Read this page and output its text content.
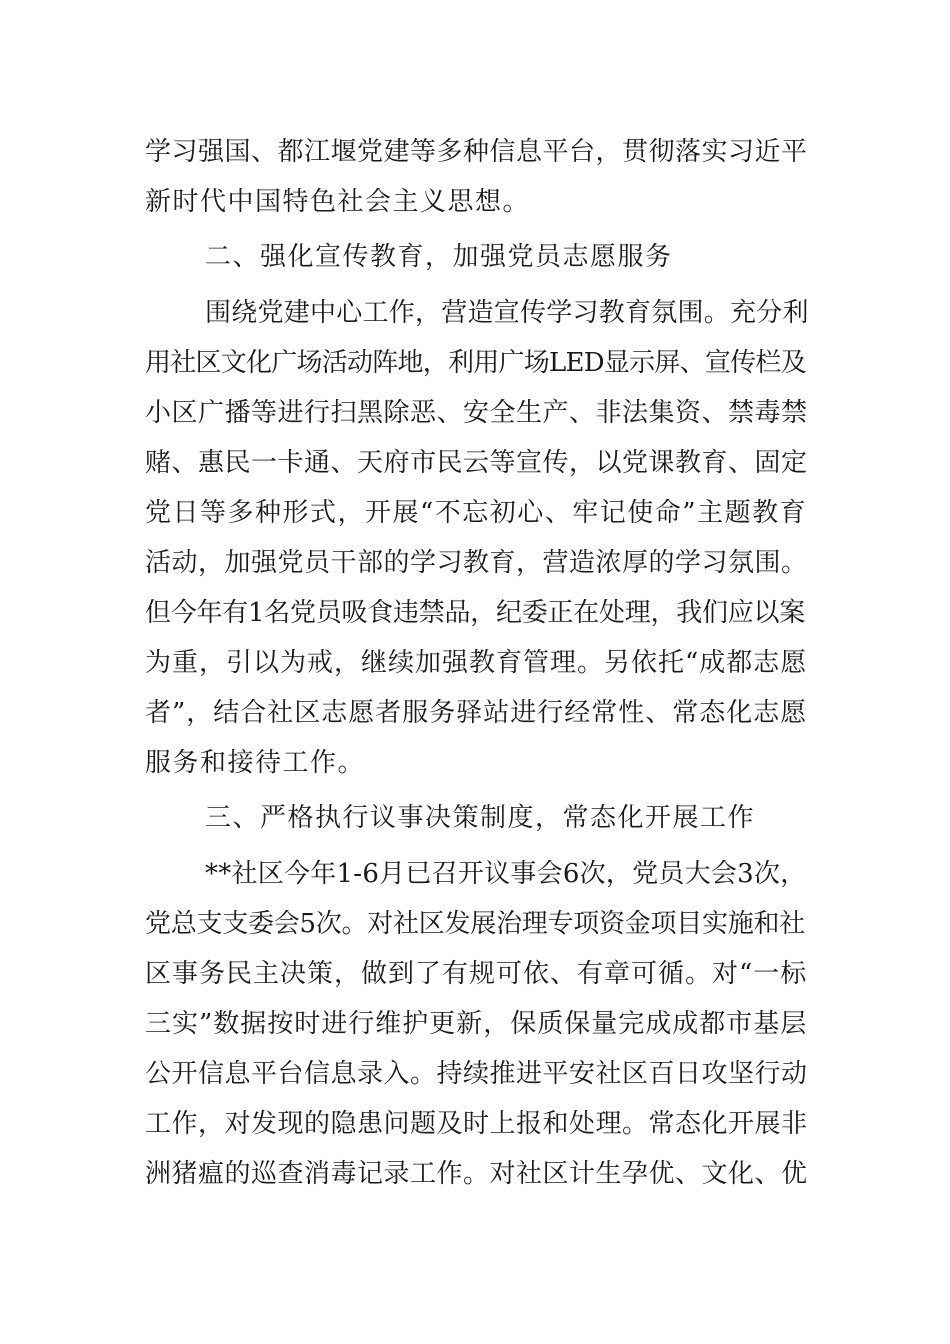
学习强国、都江堰党建等多种信息平台，贯彻落实习近平
新时代中国特色社会主义思想。
二、强化宣传教育，加强党员志愿服务
围绕党建中心工作，营造宣传学习教育氛围。充分利
用社区文化广场活动阵地，利用广场LED显示屏、宣传栏及
小区广播等进行扫黑除恶、安全生产、非法集资、禁毒禁
赌、惠民一卡通、天府市民云等宣传，以党课教育、固定
党日等多种形式，开展“不忘初心、牢记使命”主题教育
活动，加强党员干部的学习教育，营造浓厚的学习氛围。
但今年有1名党员吸食违禁品，纪委正在处理，我们应以案
为重，引以为戒，继续加强教育管理。另依托“成都志愿
者”，结合社区志愿者服务驿站进行经常性、常态化志愿
服务和接待工作。
三、严格执行议事决策制度，常态化开展工作
**社区今年1-6月已召开议事会6次，党员大会3次，
党总支支委会5次。对社区发展治理专项资金项目实施和社
区事务民主决策，做到了有规可依、有章可循。对“一标
三实”数据按时进行维护更新，保质保量完成成都市基层
公开信息平台信息录入。持续推进平安社区百日攻坚行动
工作，对发现的隐患问题及时上报和处理。常态化开展非
洲猪瘟的巡查消毒记录工作。对社区计生孕优、文化、优
